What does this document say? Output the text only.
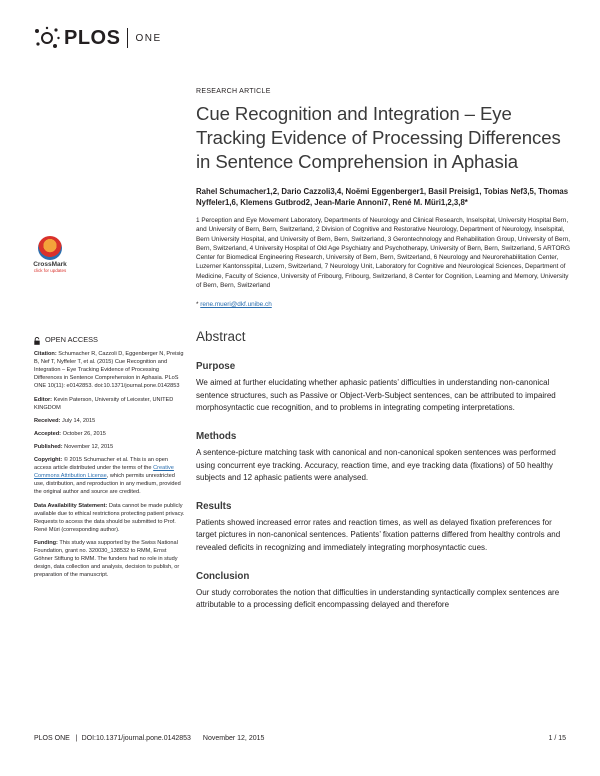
PLOS ONE
CrossMark
click for updates
OPEN ACCESS
Citation: Schumacher R, Cazzoli D, Eggenberger N, Preisig B, Nef T, Nyffeler T, et al. (2015) Cue Recognition and Integration – Eye Tracking Evidence of Processing Differences in Sentence Comprehension in Aphasia. PLoS ONE 10(11): e0142853. doi:10.1371/journal.pone.0142853
Editor: Kevin Paterson, University of Leicester, UNITED KINGDOM
Received: July 14, 2015
Accepted: October 26, 2015
Published: November 12, 2015
Copyright: © 2015 Schumacher et al. This is an open access article distributed under the terms of the Creative Commons Attribution License, which permits unrestricted use, distribution, and reproduction in any medium, provided the original author and source are credited.
Data Availability Statement: Data cannot be made publicly available due to ethical restrictions protecting patient privacy. Requests to access the data should be submitted to Prof. René Müri (corresponding author).
Funding: This study was supported by the Swiss National Foundation, grant no. 320030_138532 to RMM, Ernst Göhner Stiftung to RMM. The funders had no role in study design, data collection and analysis, decision to publish, or preparation of the manuscript.
RESEARCH ARTICLE
Cue Recognition and Integration – Eye Tracking Evidence of Processing Differences in Sentence Comprehension in Aphasia
Rahel Schumacher1,2, Dario Cazzoli3,4, Noëmi Eggenberger1, Basil Preisig1, Tobias Nef3,5, Thomas Nyffeler1,6, Klemens Gutbrod2, Jean-Marie Annoni7, René M. Müri1,2,3,8*
1 Perception and Eye Movement Laboratory, Departments of Neurology and Clinical Research, Inselspital, University Hospital Bern, and University of Bern, Bern, Switzerland, 2 Division of Cognitive and Restorative Neurology, Department of Neurology, Inselspital, Bern University Hospital, and University of Bern, Bern, Switzerland, 3 Gerontechnology and Rehabilitation Group, University of Bern, Bern, Switzerland, 4 University Hospital of Old Age Psychiatry and Psychotherapy, University of Bern, Bern, Switzerland, 5 ARTORG Center for Biomedical Engineering Research, University of Bern, Bern, Switzerland, 6 Neurology and Neurorehabilitation Center, Luzerner Kantonsspital, Luzern, Switzerland, 7 Neurology Unit, Laboratory for Cognitive and Neurological Sciences, Department of Medicine, Faculty of Science, University of Fribourg, Fribourg, Switzerland, 8 Center for Cognition, Learning and Memory, University of Bern, Bern, Switzerland
* rene.mueri@dkf.unibe.ch
Abstract
Purpose
We aimed at further elucidating whether aphasic patients’ difficulties in understanding non-canonical sentence structures, such as Passive or Object-Verb-Subject sentences, can be attributed to impaired morphosyntactic cue recognition, and to problems in integrating competing interpretations.
Methods
A sentence-picture matching task with canonical and non-canonical spoken sentences was performed using concurrent eye tracking. Accuracy, reaction time, and eye tracking data (fixations) of 50 healthy subjects and 12 aphasic patients were analysed.
Results
Patients showed increased error rates and reaction times, as well as delayed fixation preferences for target pictures in non-canonical sentences. Patients’ fixation patterns differed from healthy controls and revealed deficits in recognizing and immediately integrating morphosyntactic cues.
Conclusion
Our study corroborates the notion that difficulties in understanding syntactically complex sentences are attributable to a processing deficit encompassing delayed and therefore
PLOS ONE | DOI:10.1371/journal.pone.0142853 November 12, 2015	1 / 15
